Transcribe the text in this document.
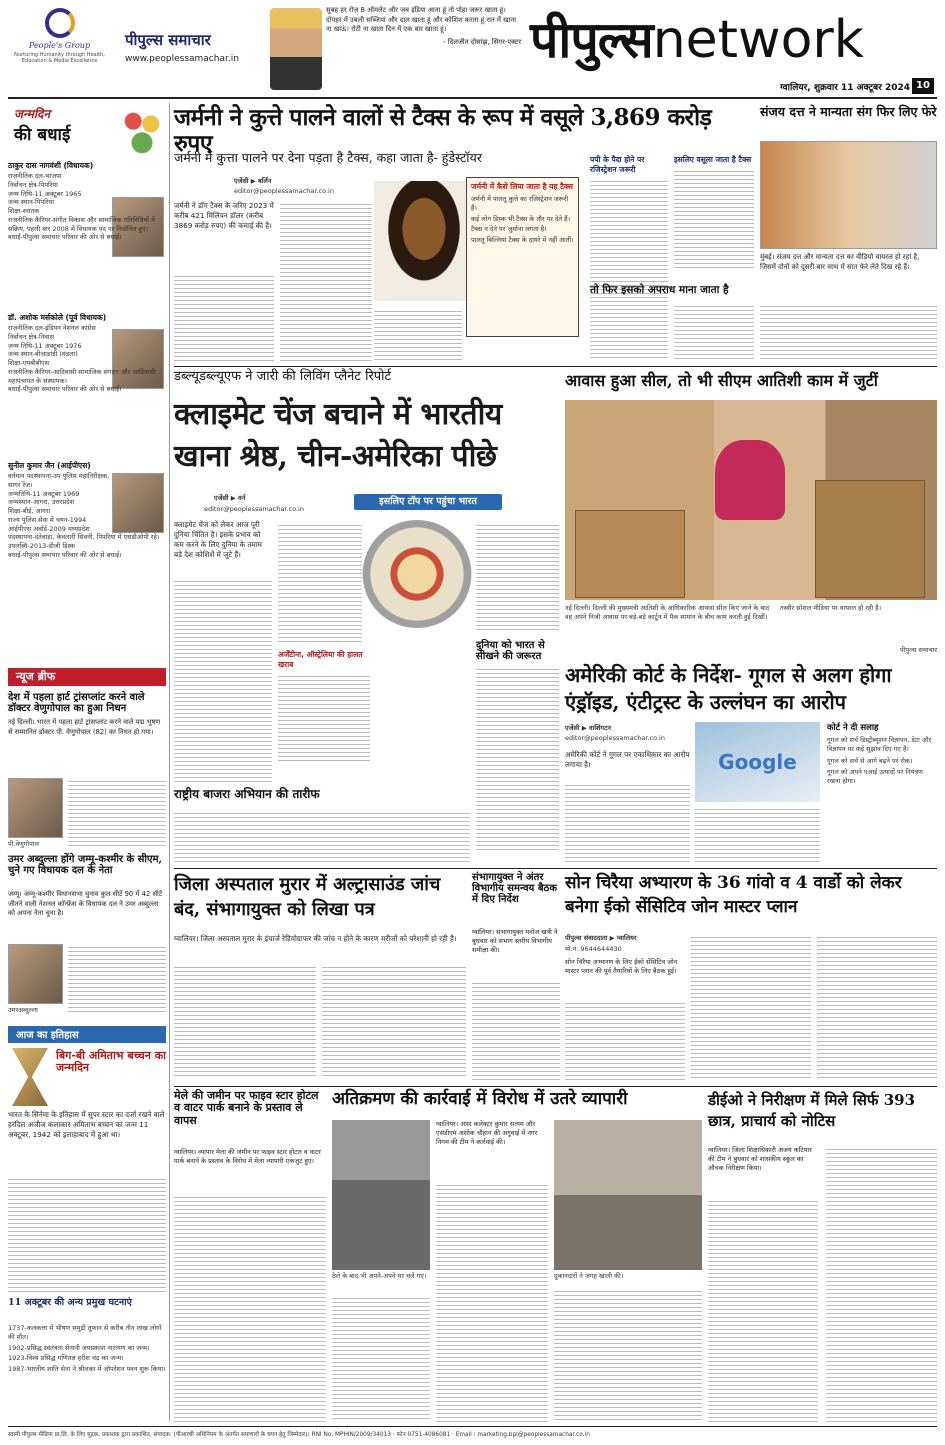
People's Group
Nurturing Humanity through Health, Education & Media Excellence
पीपुल्स समाचार
www.peoplessamachar.in
सुबह हर रोज़ 8 ऑमलेट और जब इंडिया आता हूं तो पोहा जरूर खाता हूं। दोपहर में उबली सब्जियां और दाल खाता हूं और कोशिश करता हूं रात में खाना ना खाऊं। रोटी ना खाता दिन में एक बार खाता हूं।
- दिलजीत दोसांझ, सिंगर-एक्टर पीपुल्सnetwork
ग्वालियर, शुक्रवार 11 अक्टूबर 2024 10
जन्मदिन
की बधाई
ठाकुर दास नागवंशी (विधायक)
राजनीतिक दल-भाजपा
निर्वाचन क्षेत्र-पिपरिया
जन्म तिथि-11 अक्टूबर 1965
जन्म स्थान-पिपरिया
शिक्षा-स्नातक
राजनीतिक कैरियर-संगीत विकास और सामाजिक गतिविधियों में सक्रिय, पहली बार 2008 में विधायक पद पर निर्वाचित हुए।
बधाई-पीपुल्स समाचार परिवार की ओर से बधाई।
डॉ. अशोक मर्सकोले (पूर्व विधायक)
राजनीतिक दल-इंडियन नेशनल कांग्रेस
निर्वाचन क्षेत्र-निवास
जन्म तिथि-11 अक्टूबर 1976
जन्म स्थान-बीजाडांडी (मंडला)
शिक्षा-एमबीबीएस
राजनीतिक कैरियर-आदिवासी सामाजिक संगठन और आदिवासी महापंचायत के संस्थापक।
बधाई-पीपुल्स समाचार परिवार की ओर से बधाई।
सुनील कुमार जैन (आईपीएस)
वर्तमान पदस्थापना-उप पुलिस महानिरीक्षक, सागर रेंज।
जन्मतिथि-11 अक्टूबर 1969
जन्मस्थान-आगरा, उत्तरप्रदेश
शिक्षा-बीई, आगरा
राज्य पुलिस सेवा में चयन-1994
आईपीएस अवॉर्ड-2009 मध्यप्रदेश
पदस्थापना-दंतेवाड़ा, केवलारी सिवनी, पिपरिया में एसडीओपी रहे।
उपलब्धि-2013-डीजी डिस्क
बधाई-पीपुल्स समाचार परिवार की ओर से बधाई।
न्यूज ब्रीफ
देश में पहला हार्ट ट्रांसप्लांट करने वाले डॉक्टर वेणुगोपाल का हुआ निधन
नई दिल्ली। भारत में पहला हार्ट ट्रांसप्लांट करने वाले पद्म भूषण से सम्मानित डॉक्टर पी. वेणुगोपाल (82) का निधन हो गया।
पी.वेणुगोपाल
उमर अब्दुल्ला होंगे जम्मू-कश्मीर के सीएम, चुने गए विधायक दल के नेता
जम्मू। जम्मू-कश्मीर विधानसभा चुनाव कुल सीटें 90 में 42 सीटें जीतने वाली नेशनल कॉन्फ्रेंस के विधायक दल ने उमर अब्दुल्ला को अपना नेता चुना है।
उमरअब्दुल्ला
आज का इतिहास
बिग-बी अमिताभ बच्चन का जन्मदिन
भारत के सिनेमा के इतिहास में सुपर स्टार का दर्जा रखने वाले हरदिल अजीज कलाकार अमिताभ बच्चन का जन्म 11 अक्टूबर, 1942 को इलाहाबाद में हुआ था।
11 अक्टूबर की अन्य प्रमुख घटनाएं
1737-कलकत्ता में भीषण समुद्री तूफान से करीब तीन लाख लोगों की मौत।
1902-प्रसिद्ध स्वतंत्रता सेनानी जयप्रकाश नारायण का जन्म।
1923-विश्व प्रसिद्ध गणितज्ञ हरीश चंद्र का जन्म।
1987-भारतीय शांति सेना ने श्रीलंका में ऑपरेशन पवन शुरू किया।
जर्मनी ने कुत्ते पालने वालों से टैक्स के रूप में वसूले 3,869 करोड़ रुपए
जर्मनी में कुत्ता पालने पर देना पड़ता है टैक्स, कहा जाता है- हुंडेस्टॉयर
एजेंसी ▶ बर्लिन
editor@peoplessamachar.co.in
जर्मनी ने डॉग टैक्स के जरिए 2023 में करीब 421 मिलियन डॉलर (करीब 3869 करोड़ रुपए) की कमाई की है।
जर्मनी में कैसे लिया जाता है यह टैक्स
जर्मनी में पालतू कुत्ते का रजिस्ट्रेशन जरूरी है।
कई लोग डिस्क भी टैक्स के तौर पर देते हैं।
टैक्स न देने पर जुर्माना लगता है।
पालतू बिल्लियां टैक्स के दायरे में नहीं आतीं।
पपी के पैदा होने पर रजिस्ट्रेशन जरूरी
इसलिए वसूला जाता है टैक्स
तो फिर इसको अपराध माना जाता है
संजय दत्त ने मान्यता संग फिर लिए फेरे
मुंबई। संजय दत्त और मान्यता दत्त का वीडियो वायरल हो रहा है, जिसमें दोनों को दूसरी बार साथ में सात फेरे लेते दिख रहे हैं।
डब्ल्यूडब्ल्यूएफ ने जारी की लिविंग प्लैनेट रिपोर्ट
क्लाइमेट चेंज बचाने में भारतीय खाना श्रेष्ठ, चीन-अमेरिका पीछे
एजेंसी ▶ वर्न
editor@peoplessamachar.co.in
इसलिए टॉप पर पहुंचा भारत
क्लाइमेट चेंज को लेकर आज पूरी दुनिया चिंतित है। इसके प्रभाव को कम करने के लिए दुनिया के तमाम बड़े देश कोशिशें में जुटे हैं।
अर्जेंटीना, ऑस्ट्रेलिया की हालत खराब
दुनिया को भारत से सीखने की जरूरत
राष्ट्रीय बाजरा अभियान की तारीफ
आवास हुआ सील, तो भी सीएम आतिशी काम में जुटीं
नई दिल्ली। दिल्ली की मुख्यमंत्री आतिशी के आधिकारिक आवास सील किए जाने के बाद वह अपने निजी आवास पर बड़े-बड़े कार्टून में पैक सामान के बीच काम करती हुई दिखीं।
तस्वीर सोशल मीडिया पर वायरल हो रही है।
पीपुल्स समाचार
अमेरिकी कोर्ट के निर्देश- गूगल से अलग होगा एंड्रॉइड, एंटीट्रस्ट के उल्लंघन का आरोप
एजेंसी ▶ वाशिंगटन
editor@peoplessamachar.co.in
Google
अमेरिकी कोर्ट ने गूगल पर एकाधिकार का आरोप लगाया है।
कोर्ट ने दी सलाह
गूगल को सर्च डिस्ट्रीब्यूशन विज्ञापन, डेटा और विज्ञापन पर कई सुझाव दिए गए हैं।
गूगल को सर्च से आगे बढ़ने पर रोक।
गूगल को अपने एआई उत्पादों पर नियंत्रण रखना होगा।
जिला अस्पताल मुरार में अल्ट्रासाउंड जांच बंद, संभागायुक्त को लिखा पत्र
ग्वालियर। जिला अस्पताल मुरार के इंचार्ज रेडियोग्राफर की जांच न होने के कारण मरीजों को परेशानी हो रही है।
संभागायुक्त ने अंतर विभागीय समन्वय बैठक में दिए निर्देश
ग्वालियर। संभागायुक्त मनोज खत्री ने बुधवार को संभाग स्तरीय विभागीय समीक्षा की।
सोन चिरैया अभ्यारण के 36 गांवो व 4 वार्डो को लेकर बनेगा ईको सेंसिटिव जोन मास्टर प्लान
पीपुल्स संवाददाता ▶ ग्वालियर
मो.नं. 9644644430
सोन चिरैया अभ्यारण के लिए ईको सेंसिटिव जोन मास्टर प्लान की पूर्व तैयारियों के लिए बैठक हुई।
मेले की जमीन पर फाइव स्टार होटल व वाटर पार्क बनाने के प्रस्ताव ले वापस
ग्वालियर। व्यापार मेला की जमीन पर फाइव स्टार होटल व वाटर पार्क बनाने के प्रस्ताव के विरोध में मेला व्यापारी एकजुट हुए।
अतिक्रमण की कार्रवाई में विरोध में उतरे व्यापारी
ठेले के बाद भी अपने-अपने घर चले गए।
ग्वालियर। अपर कलेक्टर कुमार सत्यम और एसडीएम अशोक चौहान की अगुवाई में नगर निगम की टीम ने कार्रवाई की।
दुकानदारों ने जगह खाली की।
डीईओ ने निरीक्षण में मिले सिर्फ 393 छात्र, प्राचार्य को नोटिस
ग्वालियर। जिला शिक्षाधिकारी अजय कटियार की टीम ने बुधवार को शासकीय स्कूल का औचक निरीक्षण किया।
स्वामी पीपुल्स मीडिया प्रा.लि. के लिए मुद्रक, प्रकाशक द्वारा प्रकाशित, संपादक: (पीआरबी अधिनियम के अंतर्गत समाचारों के चयन हेतु जिम्मेदार)। RNI No. MPHIN/2009/34013 · फोन 0751-4086081 · Email : marketing.bpl@peoplessamachar.co.in
